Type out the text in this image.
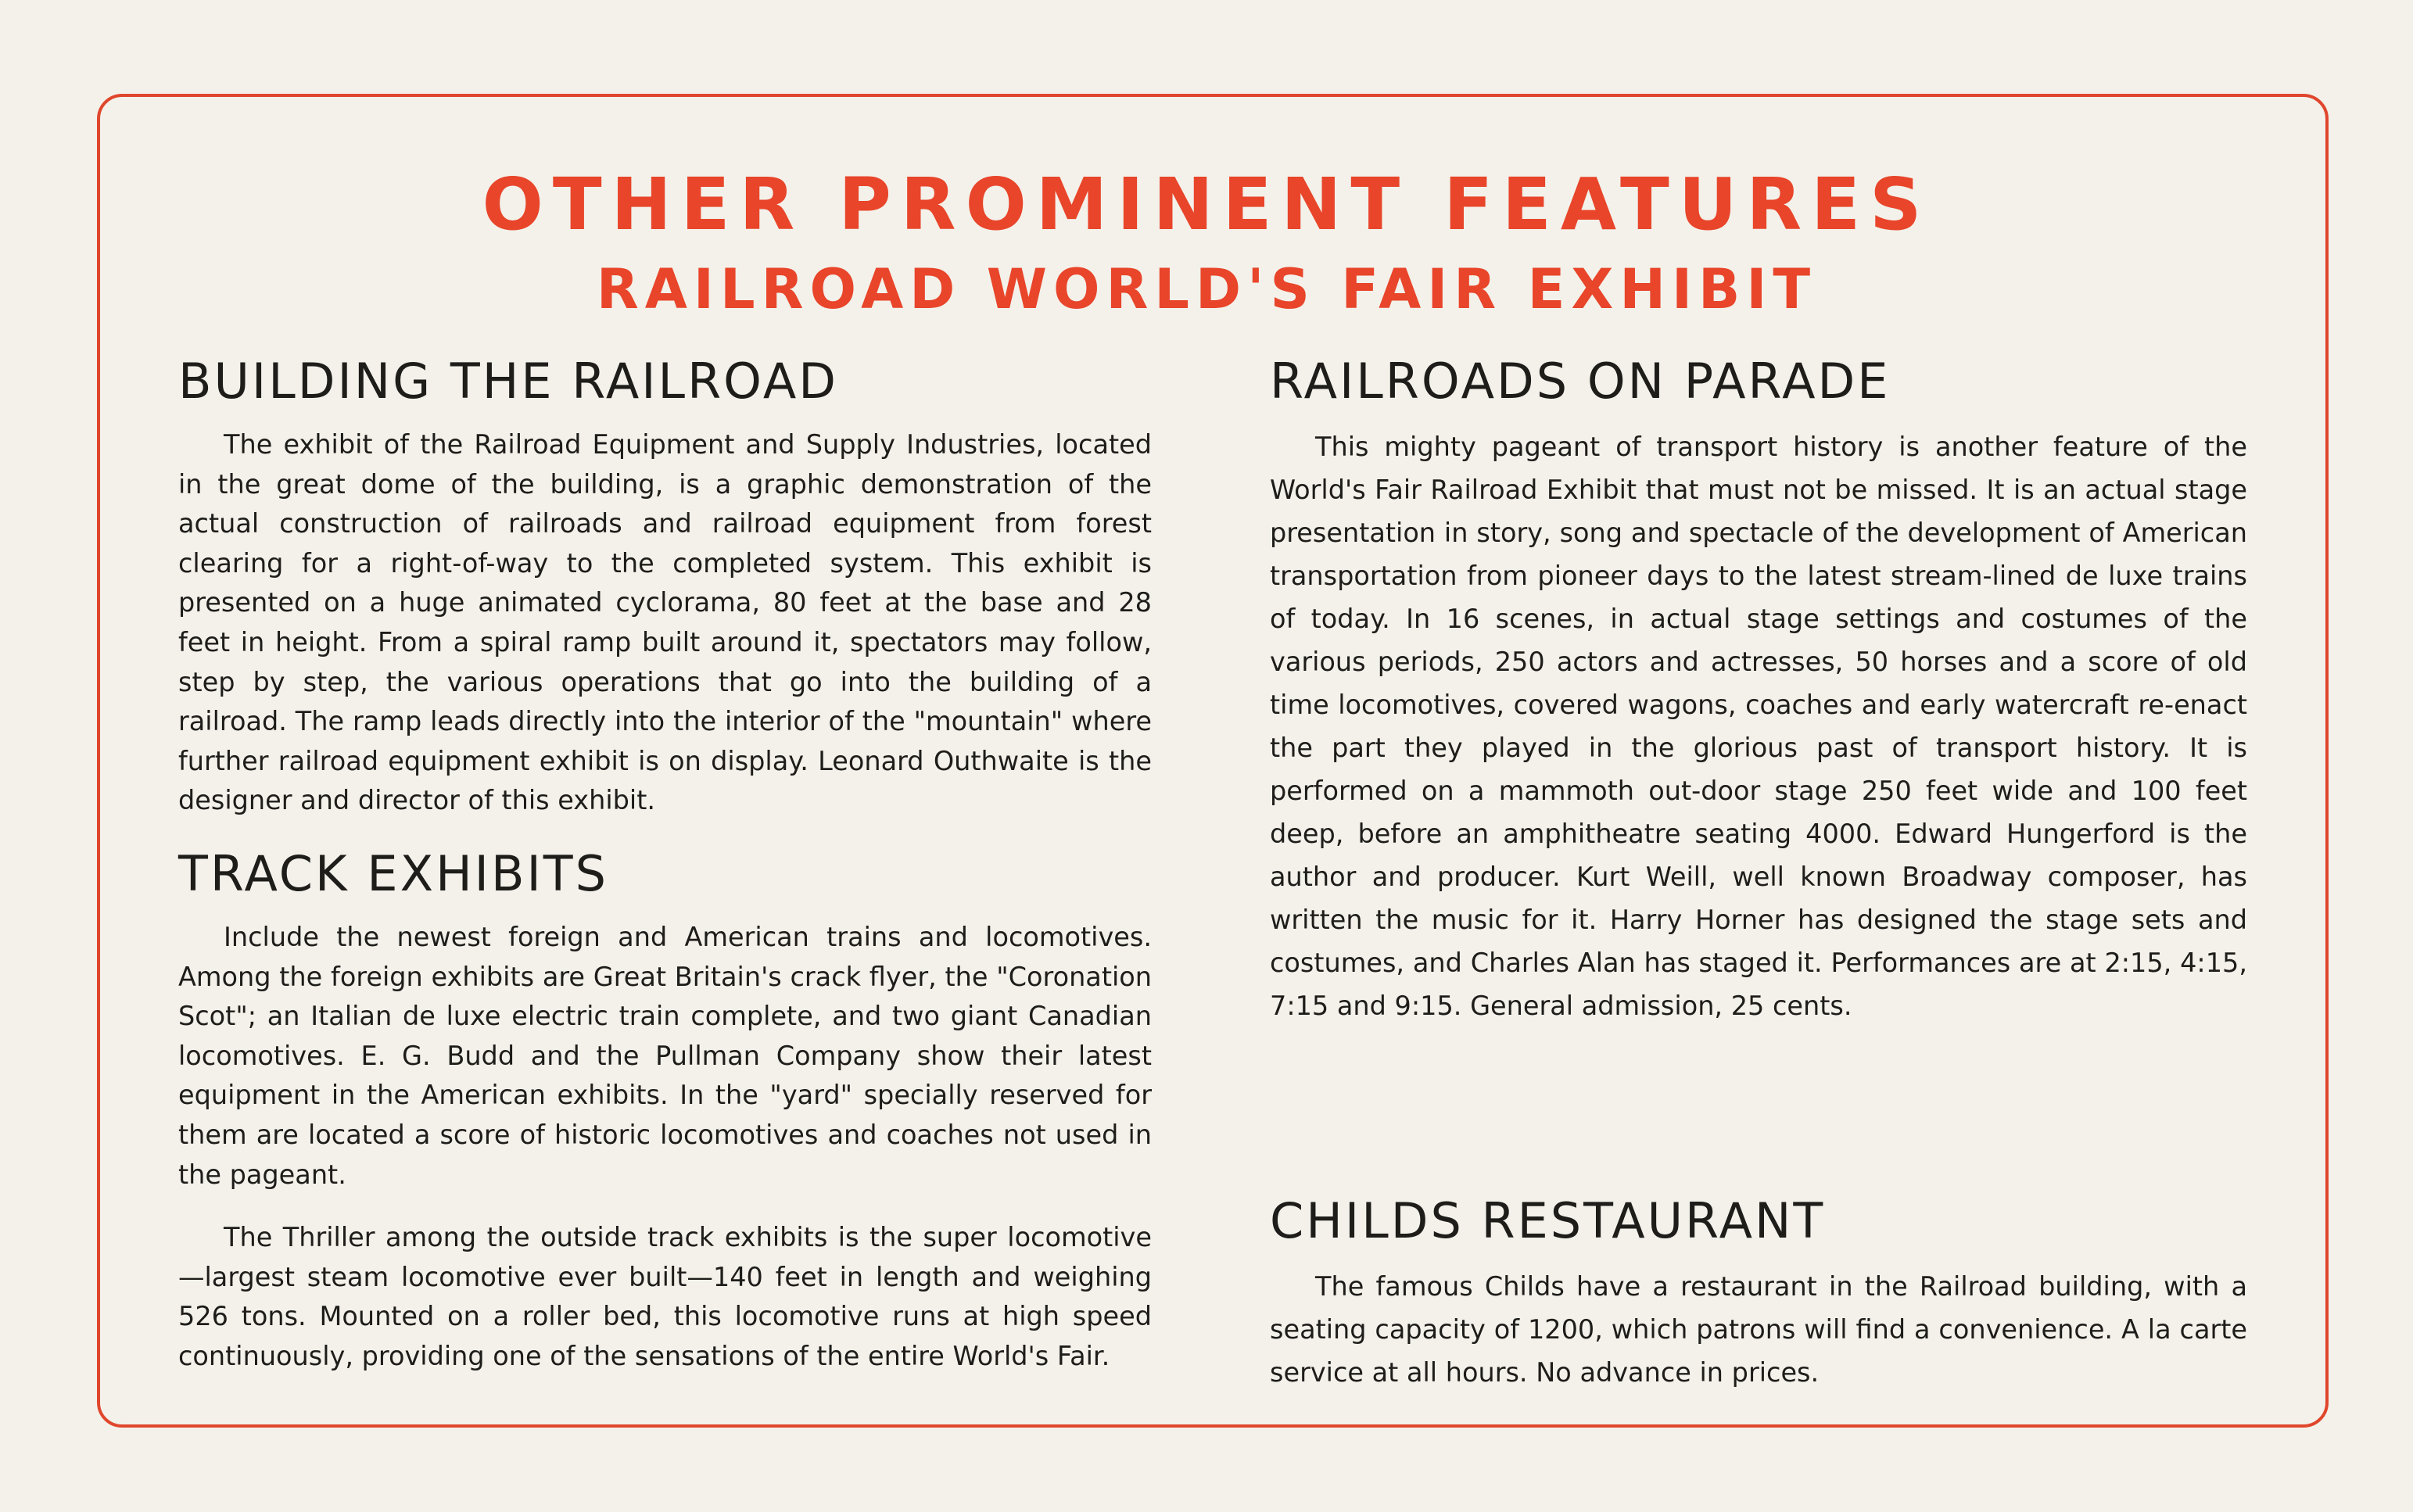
OTHER PROMINENT FEATURES
RAILROAD WORLD'S FAIR EXHIBIT
BUILDING THE RAILROAD

The exhibit of the Railroad Equipment and Supply Industries, located in the great dome of the building, is a graphic demonstration of the actual construction of railroads and railroad equipment from forest clearing for a right-of-way to the completed system. This exhibit is presented on a huge animated cyclorama, 80 feet at the base and 28 feet in height. From a spiral ramp built around it, spectators may follow, step by step, the various operations that go into the building of a railroad. The ramp leads directly into the interior of the "mountain" where further railroad equipment exhibit is on display. Leonard Outhwaite is the designer and director of this exhibit.

TRACK EXHIBITS

Include the newest foreign and American trains and locomotives. Among the foreign exhibits are Great Britain's crack flyer, the "Coronation Scot"; an Italian de luxe electric train complete, and two giant Canadian locomotives. E. G. Budd and the Pullman Company show their latest equipment in the American exhibits. In the "yard" specially reserved for them are located a score of historic locomotives and coaches not used in the pageant.

The Thriller among the outside track exhibits is the super locomotive —largest steam locomotive ever built—140 feet in length and weighing 526 tons. Mounted on a roller bed, this locomotive runs at high speed continuously, providing one of the sensations of the entire World's Fair.

RAILROADS ON PARADE

This mighty pageant of transport history is another feature of the World's Fair Railroad Exhibit that must not be missed. It is an actual stage presentation in story, song and spectacle of the development of American transportation from pioneer days to the latest stream-lined de luxe trains of today. In 16 scenes, in actual stage settings and costumes of the various periods, 250 actors and actresses, 50 horses and a score of old time locomotives, covered wagons, coaches and early watercraft re-enact the part they played in the glorious past of transport history. It is performed on a mammoth out-door stage 250 feet wide and 100 feet deep, before an amphitheatre seating 4000. Edward Hungerford is the author and producer. Kurt Weill, well known Broadway composer, has written the music for it. Harry Horner has designed the stage sets and costumes, and Charles Alan has staged it. Performances are at 2:15, 4:15, 7:15 and 9:15. General admission, 25 cents.

CHILDS RESTAURANT

The famous Childs have a restaurant in the Railroad building, with a seating capacity of 1200, which patrons will find a convenience. A la carte service at all hours. No advance in prices.
